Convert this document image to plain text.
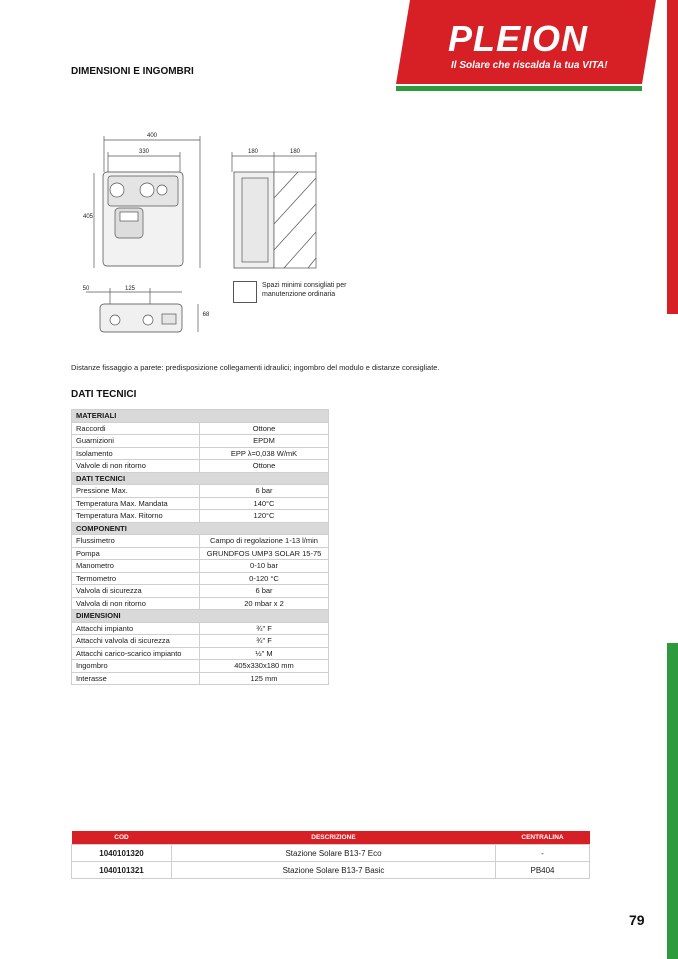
PLEION
Il Solare che riscalda la tua VITA!
DIMENSIONI E INGOMBRI
400
330
405
180	180
50	125
68
Spazi minimi consigliati per
manutenzione ordinaria
Distanze fissaggio a parete: predisposizione collegamenti idraulici; ingombro del modulo e distanze consigliate.
DATI TECNICI
MATERIALI	
Raccordi	Ottone
Guarnizioni	EPDM
Isolamento	EPP λ=0,038 W/mK
Valvole di non ritorno	Ottone
DATI TECNICI	
Pressione Max.	6 bar
Temperatura Max. Mandata	140°C
Temperatura Max. Ritorno	120°C
COMPONENTI	
Flussimetro	Campo di regolazione 1-13 l/min
Pompa	GRUNDFOS UMP3 SOLAR 15-75
Manometro	0-10 bar
Termometro	0-120 °C
Valvola di sicurezza	6 bar
Valvola di non ritorno	20 mbar x 2
DIMENSIONI	
Attacchi impianto	¾" F
Attacchi valvola di sicurezza	¾" F
Attacchi carico-scarico impianto	½" M
Ingombro	405x330x180 mm
Interasse	125 mm
COD	DESCRIZIONE	CENTRALINA
1040101320	Stazione Solare B13-7 Eco	-
1040101321	Stazione Solare B13-7 Basic	PB404
79
